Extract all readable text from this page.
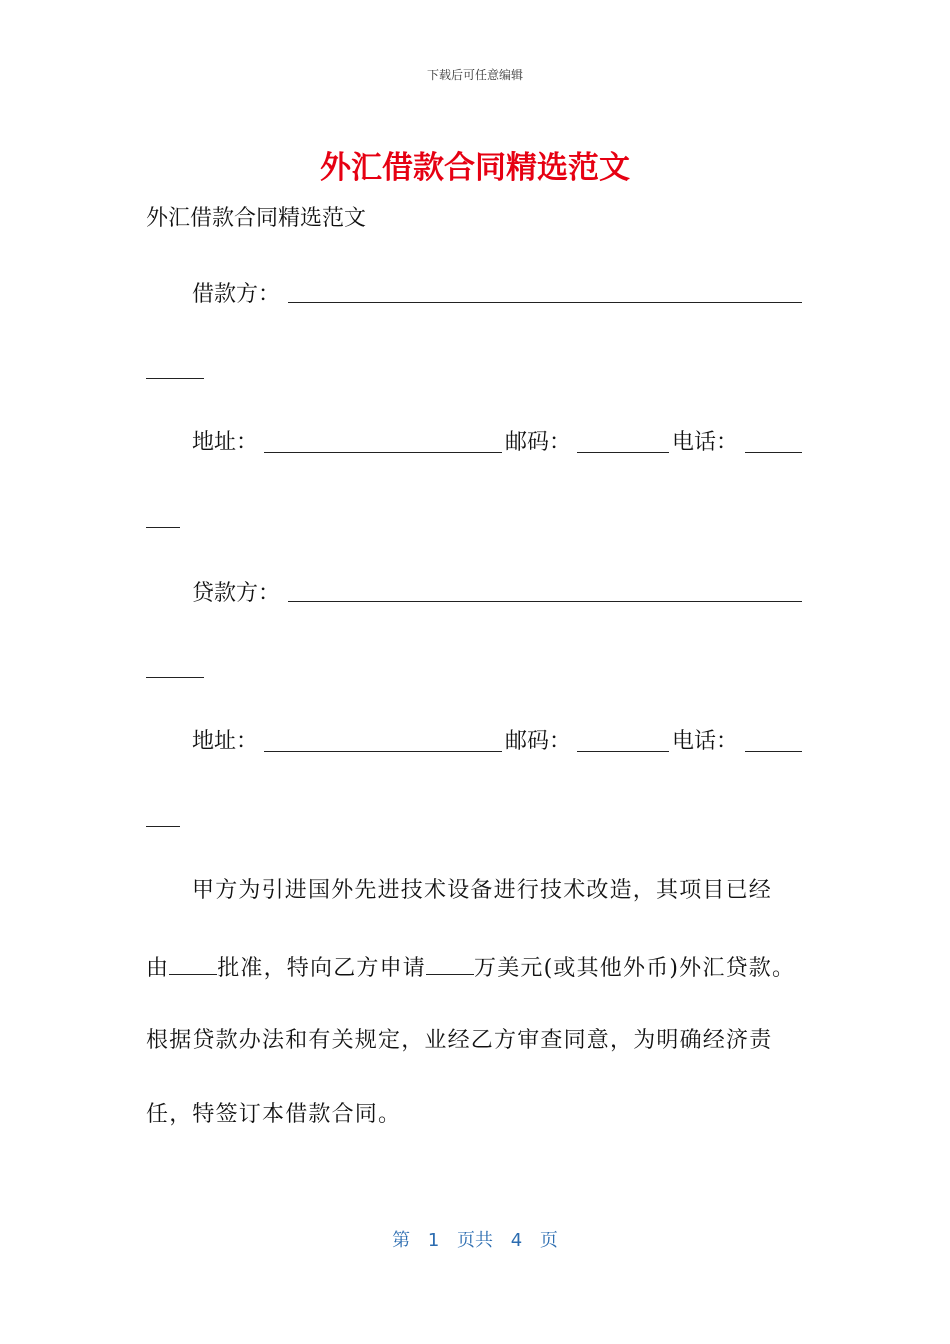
下载后可任意编辑
外汇借款合同精选范文
外汇借款合同精选范文
借款方：
地址：	邮码：	电话：
贷款方：
地址：	邮码：	电话：
甲方为引进国外先进技术设备进行技术改造，其项目已经
由 批准，特向乙方申请 万美元(或其他外币)外汇贷款。
根据贷款办法和有关规定，业经乙方审查同意，为明确经济责
任，特签订本借款合同。
第 1 页共 4 页
